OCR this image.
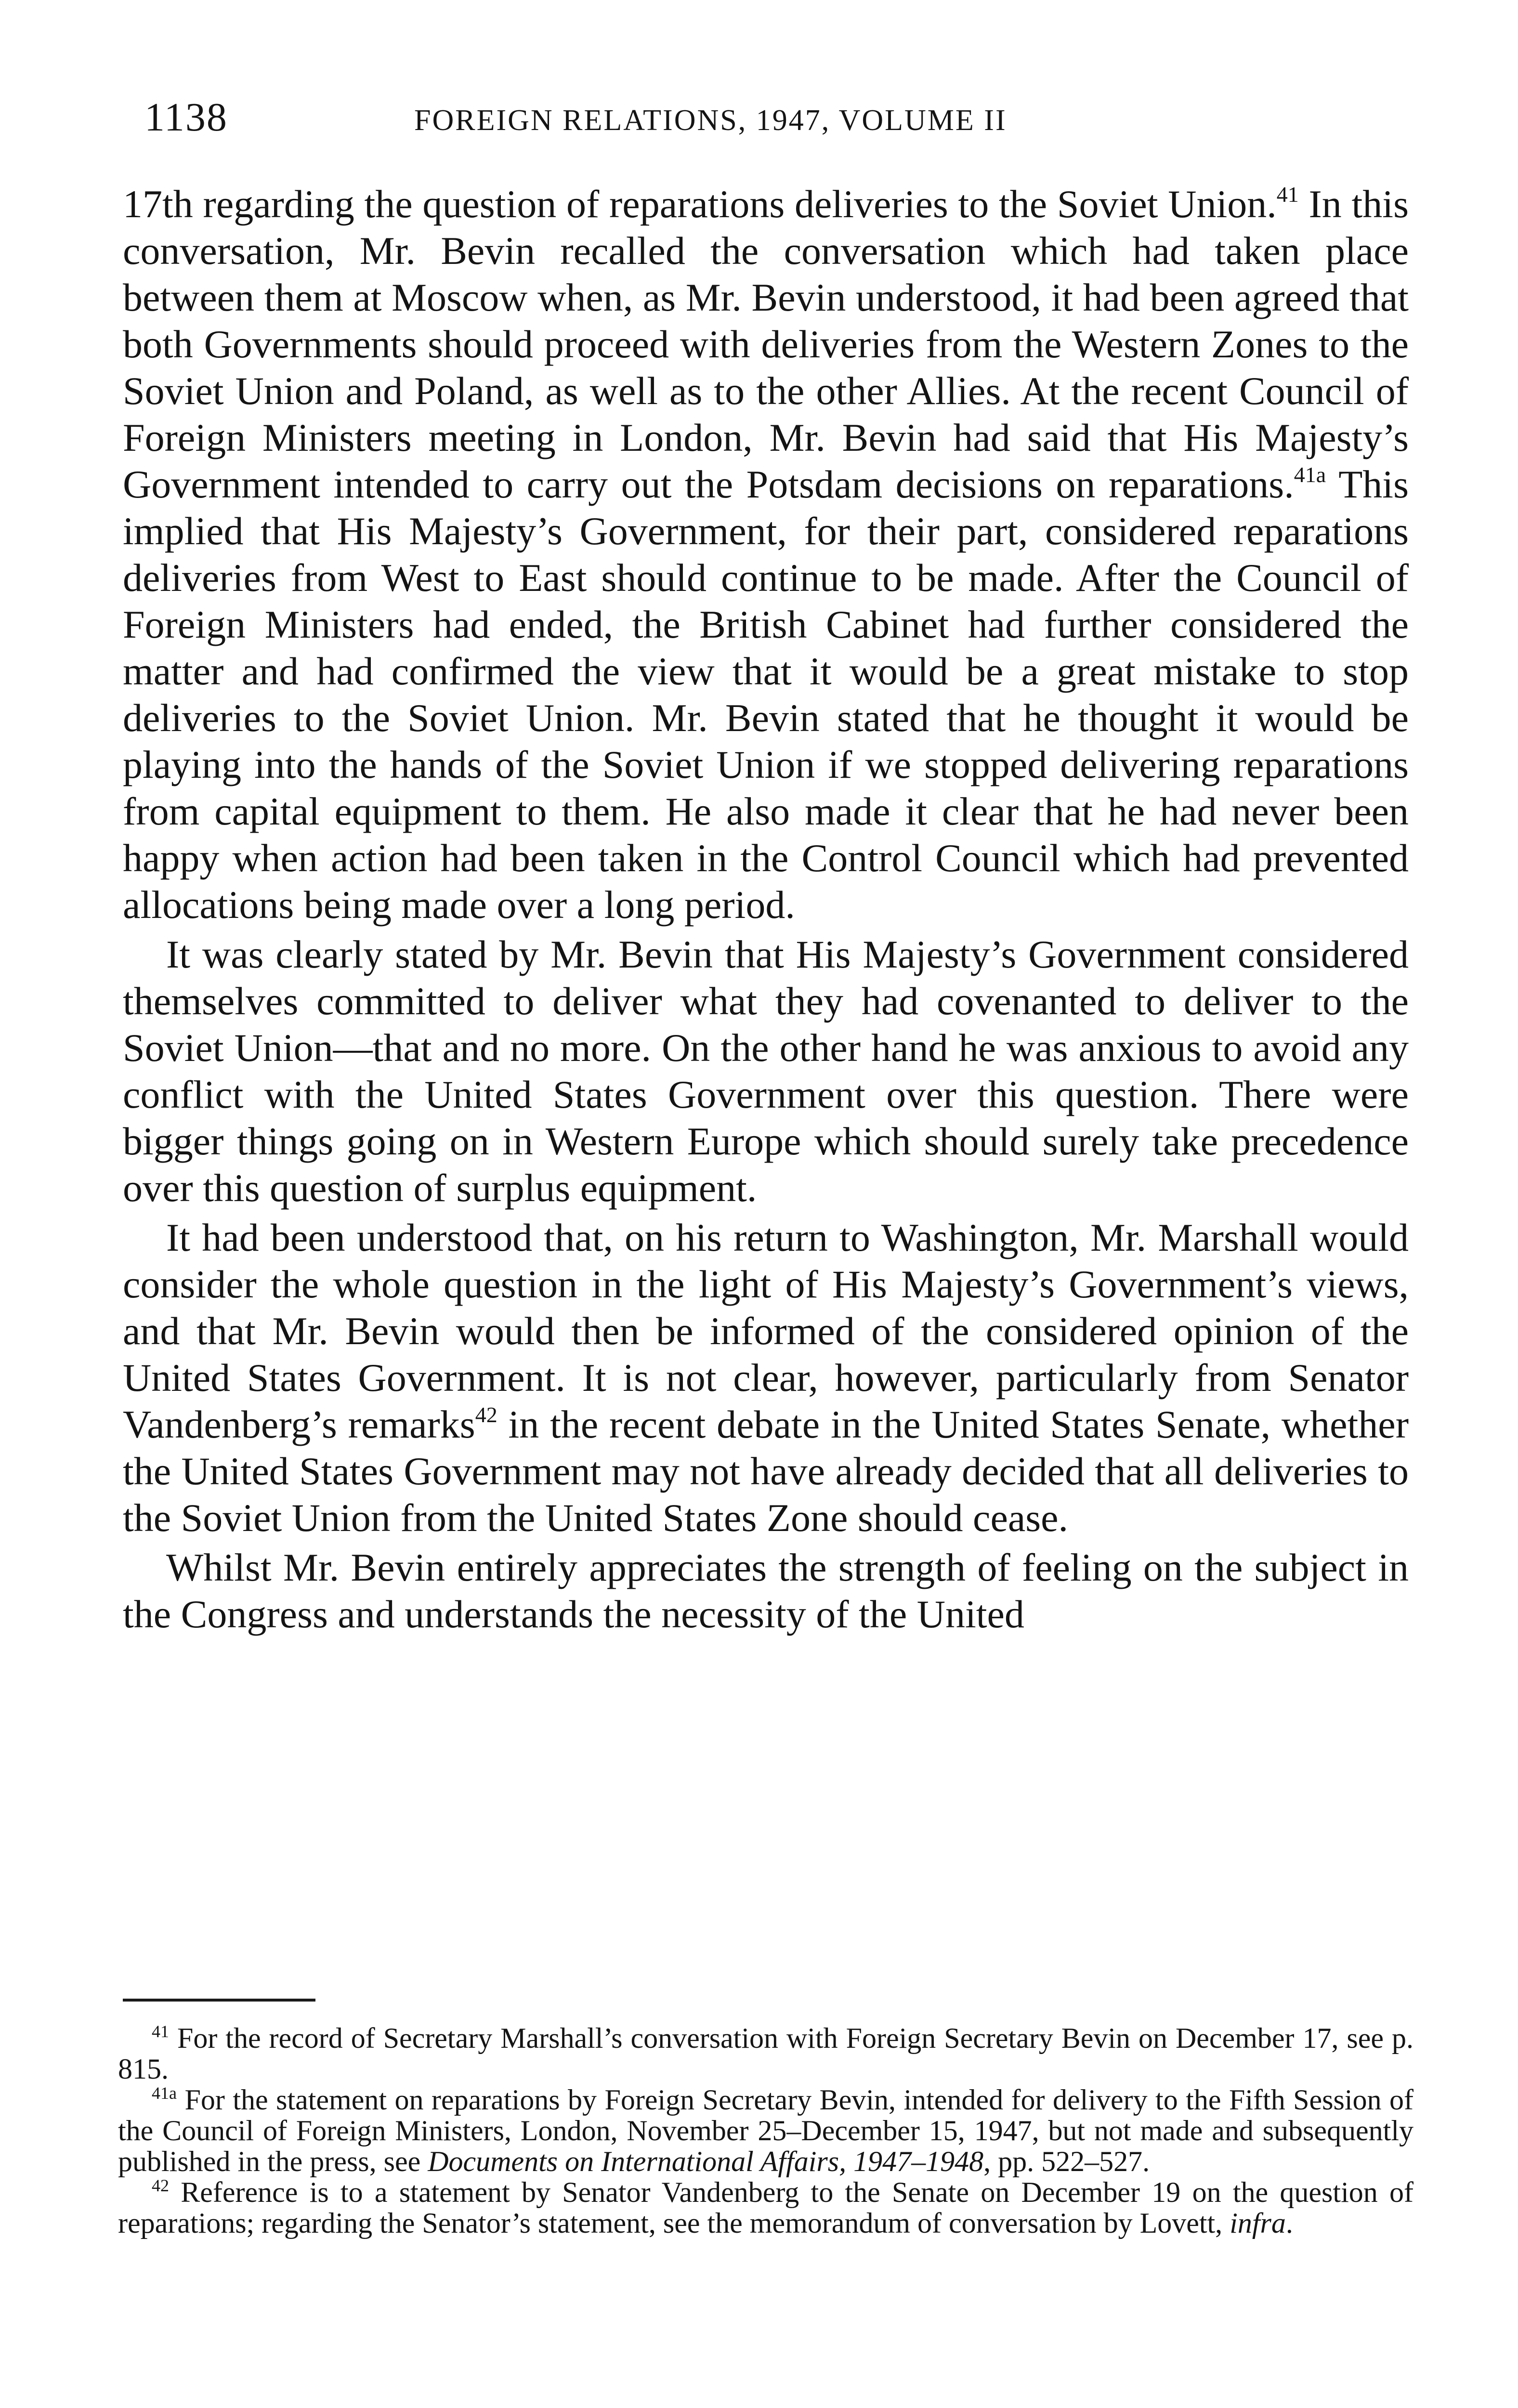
1138	FOREIGN RELATIONS, 1947, VOLUME II

17th regarding the question of reparations deliveries to the Soviet Union.$^{41}$ In this conversation, Mr. Bevin recalled the conversation which had taken place between them at Moscow when, as Mr. Bevin understood, it had been agreed that both Governments should proceed with deliveries from the Western Zones to the Soviet Union and Poland, as well as to the other Allies. At the recent Council of Foreign Ministers meeting in London, Mr. Bevin had said that His Majesty’s Government intended to carry out the Potsdam decisions on reparations.$^{41a}$ This implied that His Majesty’s Government, for their part, considered reparations deliveries from West to East should continue to be made. After the Council of Foreign Ministers had ended, the British Cabinet had further considered the matter and had confirmed the view that it would be a great mistake to stop deliveries to the Soviet Union. Mr. Bevin stated that he thought it would be playing into the hands of the Soviet Union if we stopped delivering reparations from capital equipment to them. He also made it clear that he had never been happy when action had been taken in the Control Council which had prevented allocations being made over a long period.

It was clearly stated by Mr. Bevin that His Majesty’s Government considered themselves committed to deliver what they had covenanted to deliver to the Soviet Union—that and no more. On the other hand he was anxious to avoid any conflict with the United States Government over this question. There were bigger things going on in Western Europe which should surely take precedence over this question of surplus equipment.

It had been understood that, on his return to Washington, Mr. Marshall would consider the whole question in the light of His Majesty’s Government’s views, and that Mr. Bevin would then be informed of the considered opinion of the United States Government. It is not clear, however, particularly from Senator Vandenberg’s remarks$^{42}$ in the recent debate in the United States Senate, whether the United States Government may not have already decided that all deliveries to the Soviet Union from the United States Zone should cease.

Whilst Mr. Bevin entirely appreciates the strength of feeling on the subject in the Congress and understands the necessity of the United

$^{41}$ For the record of Secretary Marshall’s conversation with Foreign Secretary Bevin on December 17, see p. 815.

$^{41a}$ For the statement on reparations by Foreign Secretary Bevin, intended for delivery to the Fifth Session of the Council of Foreign Ministers, London, November 25–December 15, 1947, but not made and subsequently published in the press, see Documents on International Affairs, 1947–1948, pp. 522–527.

$^{42}$ Reference is to a statement by Senator Vandenberg to the Senate on December 19 on the question of reparations; regarding the Senator’s statement, see the memorandum of conversation by Lovett, infra.
